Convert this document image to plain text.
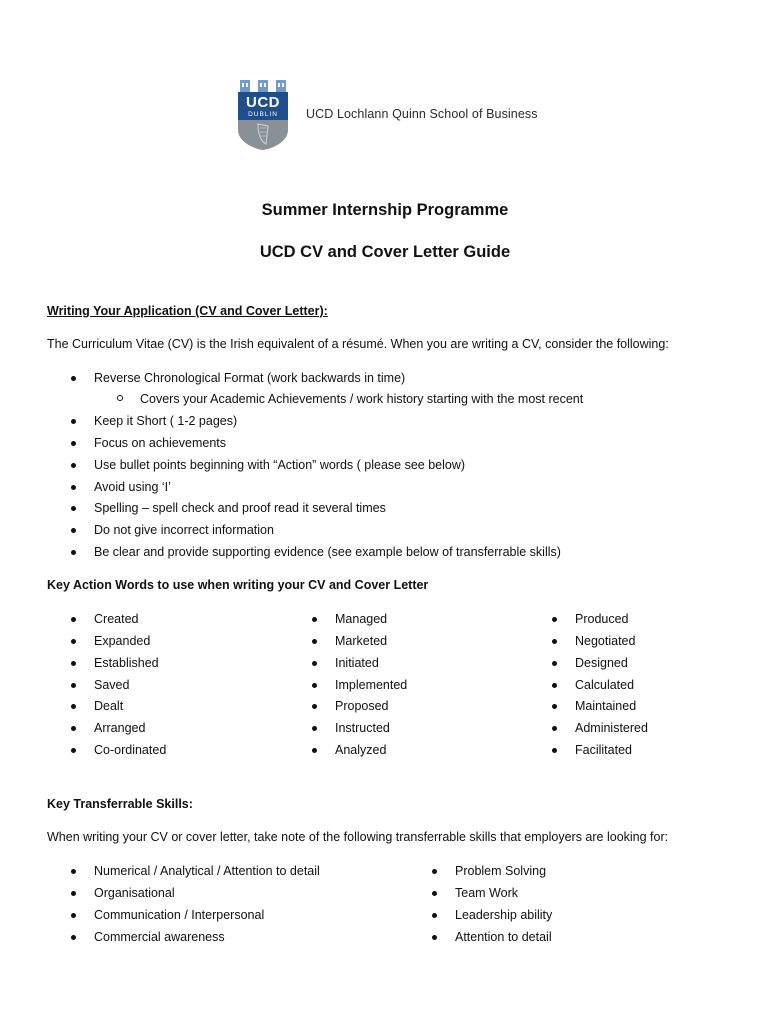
UCD
DUBLIN	UCD Lochlann Quinn School of Business
Summer Internship Programme
UCD CV and Cover Letter Guide
Writing Your Application (CV and Cover Letter):
The Curriculum Vitae (CV) is the Irish equivalent of a résumé. When you are writing a CV, consider the following:
Reverse Chronological Format (work backwards in time)
Covers your Academic Achievements / work history starting with the most recent
Keep it Short ( 1-2 pages)
Focus on achievements
Use bullet points beginning with “Action” words ( please see below)
Avoid using ‘I’
Spelling – spell check and proof read it several times
Do not give incorrect information
Be clear and provide supporting evidence (see example below of transferrable skills)
Key Action Words to use when writing your CV and Cover Letter
Created
Expanded
Established
Saved
Dealt
Arranged
Co-ordinated
Managed
Marketed
Initiated
Implemented
Proposed
Instructed
Analyzed
Produced
Negotiated
Designed
Calculated
Maintained
Administered
Facilitated
Key Transferrable Skills:
When writing your CV or cover letter, take note of the following transferrable skills that employers are looking for:
Numerical / Analytical / Attention to detail
Organisational
Communication / Interpersonal
Commercial awareness
Problem Solving
Team Work
Leadership ability
Attention to detail
